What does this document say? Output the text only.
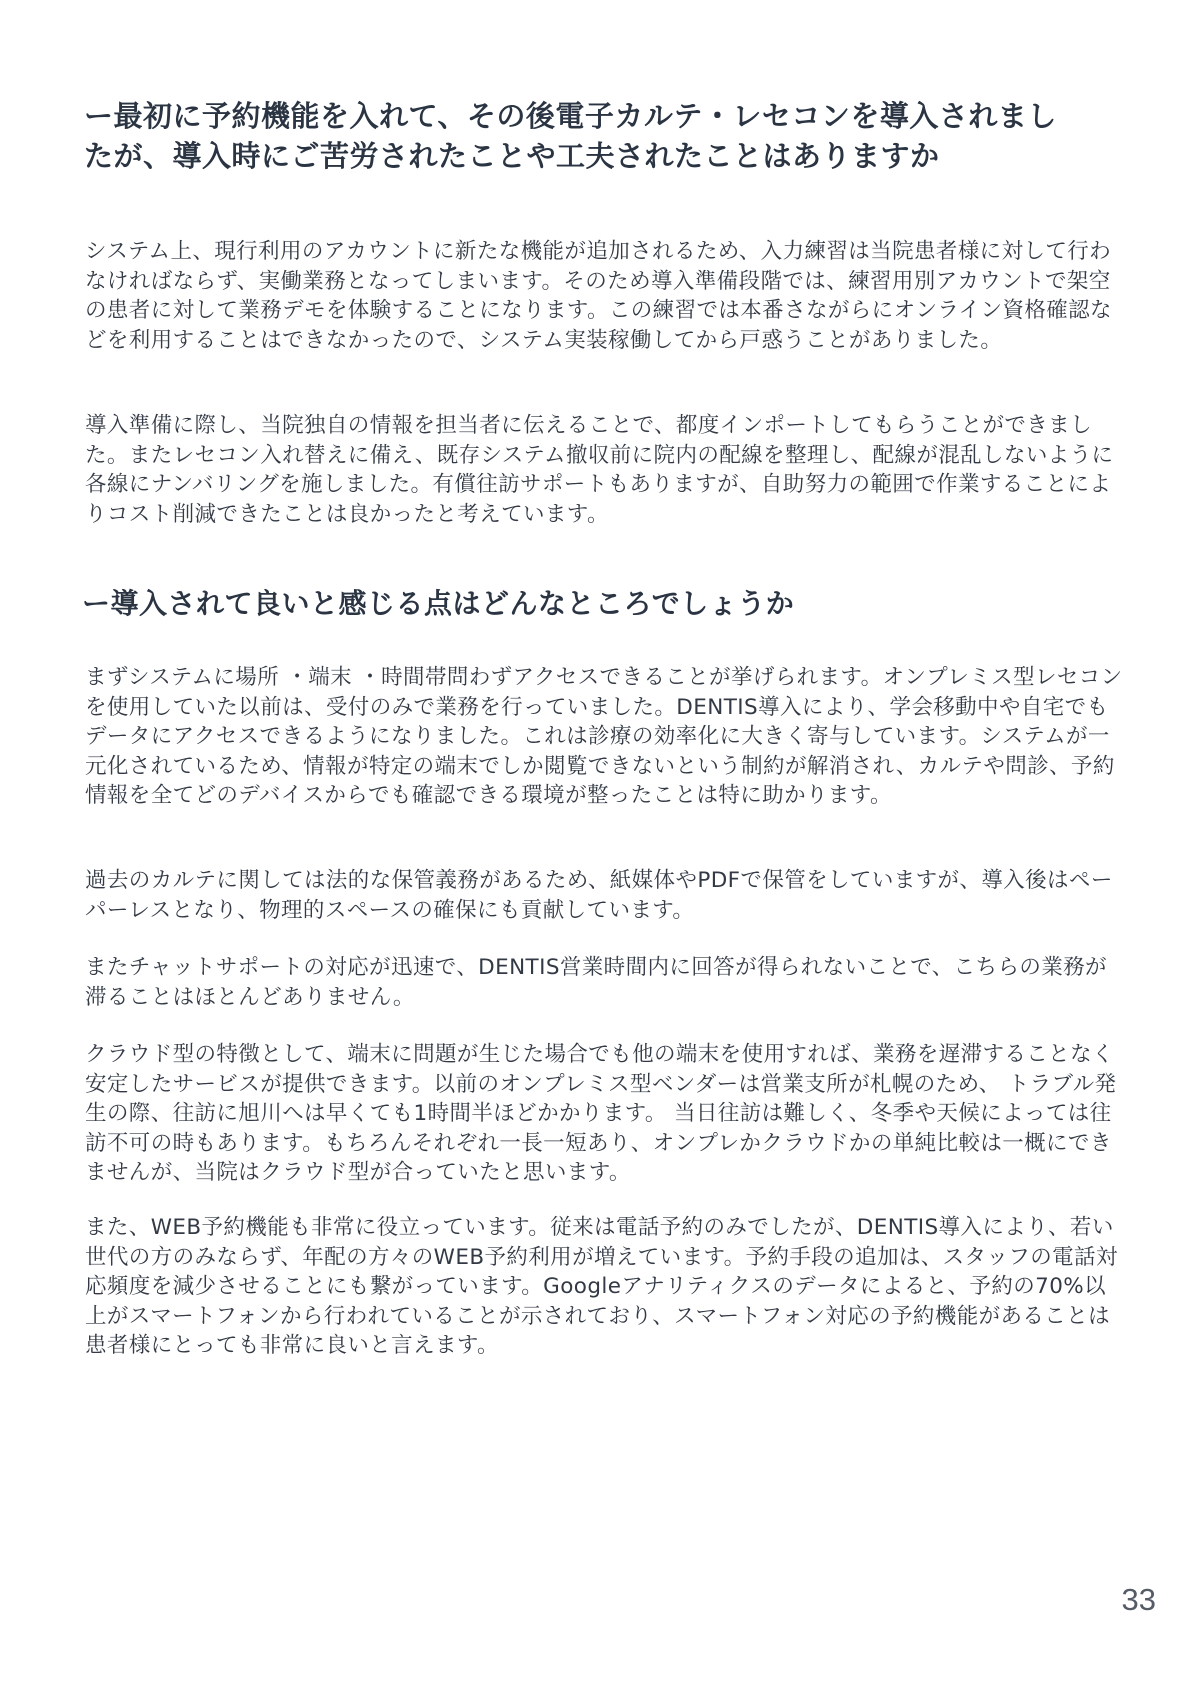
ー最初に予約機能を入れて、その後電子カルテ・レセコンを導入されましたが、導入時にご苦労されたことや工夫されたことはありますか

システム上、現行利用のアカウントに新たな機能が追加されるため、入力練習は当院患者様に対して行わなければならず、実働業務となってしまいます。そのため導入準備段階では、練習用別アカウントで架空の患者に対して業務デモを体験することになります。この練習では本番さながらにオンライン資格確認などを利用することはできなかったので、システム実装稼働してから戸惑うことがありました。

導入準備に際し、当院独自の情報を担当者に伝えることで、都度インポートしてもらうことができました。またレセコン入れ替えに備え、既存システム撤収前に院内の配線を整理し、配線が混乱しないように各線にナンバリングを施しました。有償往訪サポートもありますが、自助努力の範囲で作業することによりコスト削減できたことは良かったと考えています。

ー導入されて良いと感じる点はどんなところでしょうか

まずシステムに場所 ・端末 ・時間帯問わずアクセスできることが挙げられます。オンプレミス型レセコンを使用していた以前は、受付のみで業務を行っていました。DENTIS導入により、学会移動中や自宅でもデータにアクセスできるようになりました。これは診療の効率化に大きく寄与しています。システムが一元化されているため、情報が特定の端末でしか閲覧できないという制約が解消され、カルテや問診、予約情報を全てどのデバイスからでも確認できる環境が整ったことは特に助かります。

過去のカルテに関しては法的な保管義務があるため、紙媒体やPDFで保管をしていますが、導入後はペーパーレスとなり、物理的スペースの確保にも貢献しています。

またチャットサポートの対応が迅速で、DENTIS営業時間内に回答が得られないことで、こちらの業務が滞ることはほとんどありません。

クラウド型の特徴として、端末に問題が生じた場合でも他の端末を使用すれば、業務を遅滞することなく安定したサービスが提供できます。以前のオンプレミス型ベンダーは営業支所が札幌のため、 トラブル発生の際、往訪に旭川へは早くても1時間半ほどかかります。 当日往訪は難しく、冬季や天候によっては往訪不可の時もあります。もちろんそれぞれ一長一短あり、オンプレかクラウドかの単純比較は一概にできませんが、当院はクラウド型が合っていたと思います。

また、WEB予約機能も非常に役立っています。従来は電話予約のみでしたが、DENTIS導入により、若い世代の方のみならず、年配の方々のWEB予約利用が増えています。予約手段の追加は、スタッフの電話対応頻度を減少させることにも繋がっています。Googleアナリティクスのデータによると、予約の70%以上がスマートフォンから行われていることが示されており、スマートフォン対応の予約機能があることは患者様にとっても非常に良いと言えます。

33
